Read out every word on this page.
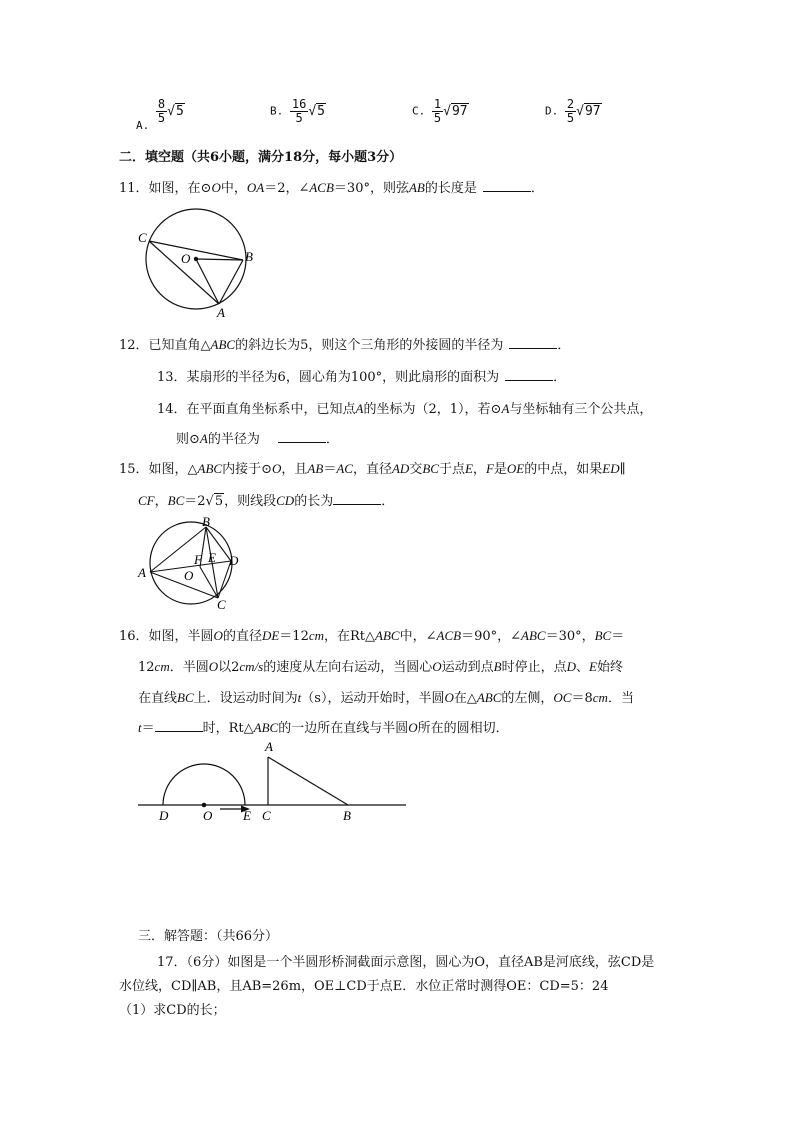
A. $\frac{8}{5} √5$	B. $\frac{16}{5} √5$	C. $\frac{1}{5} √97$	D. $\frac{2}{5} √97$
二．填空题（共6小题，满分18分，每小题3分）
11．如图，在⊙O中，OA＝2，∠ACB＝30°，则弦AB的长度是	．
C
O	B
A
12．已知直角△ABC的斜边长为5，则这个三角形的外接圆的半径为	．
13．某扇形的半径为6，圆心角为100°，则此扇形的面积为	．
14．在平面直角坐标系中，已知点A的坐标为（2，1），若⊙A与坐标轴有三个公共点，
则⊙A的半径为	．
15．如图，△ABC内接于⊙O，且AB＝AC，直径AD交BC于点E，F是OE的中点，如果ED∥
CF，BC＝2√5，则线段CD的长为	．
A
B
D
C
F E
O
16．如图，半圆O的直径DE＝12cm，在Rt△ABC中，∠ACB＝90°，∠ABC＝30°，BC＝
12cm．半圆O以2cm/s的速度从左向右运动，当圆心O运动到点B时停止，点D、E始终
在直线BC上．设运动时间为t（s），运动开始时，半圆O在△ABC的左侧，OC＝8cm．当
t＝	时，Rt△ABC的一边所在直线与半圆O所在的圆相切．
A
D	O E C	B
三．解答题：（共66分）
17．（6分）如图是一个半圆形桥洞截面示意图，圆心为O，直径AB是河底线，弦CD是
水位线，CD∥AB，且AB=26m，OE⊥CD于点E．水位正常时测得OE：CD=5：24
（1）求CD的长；
